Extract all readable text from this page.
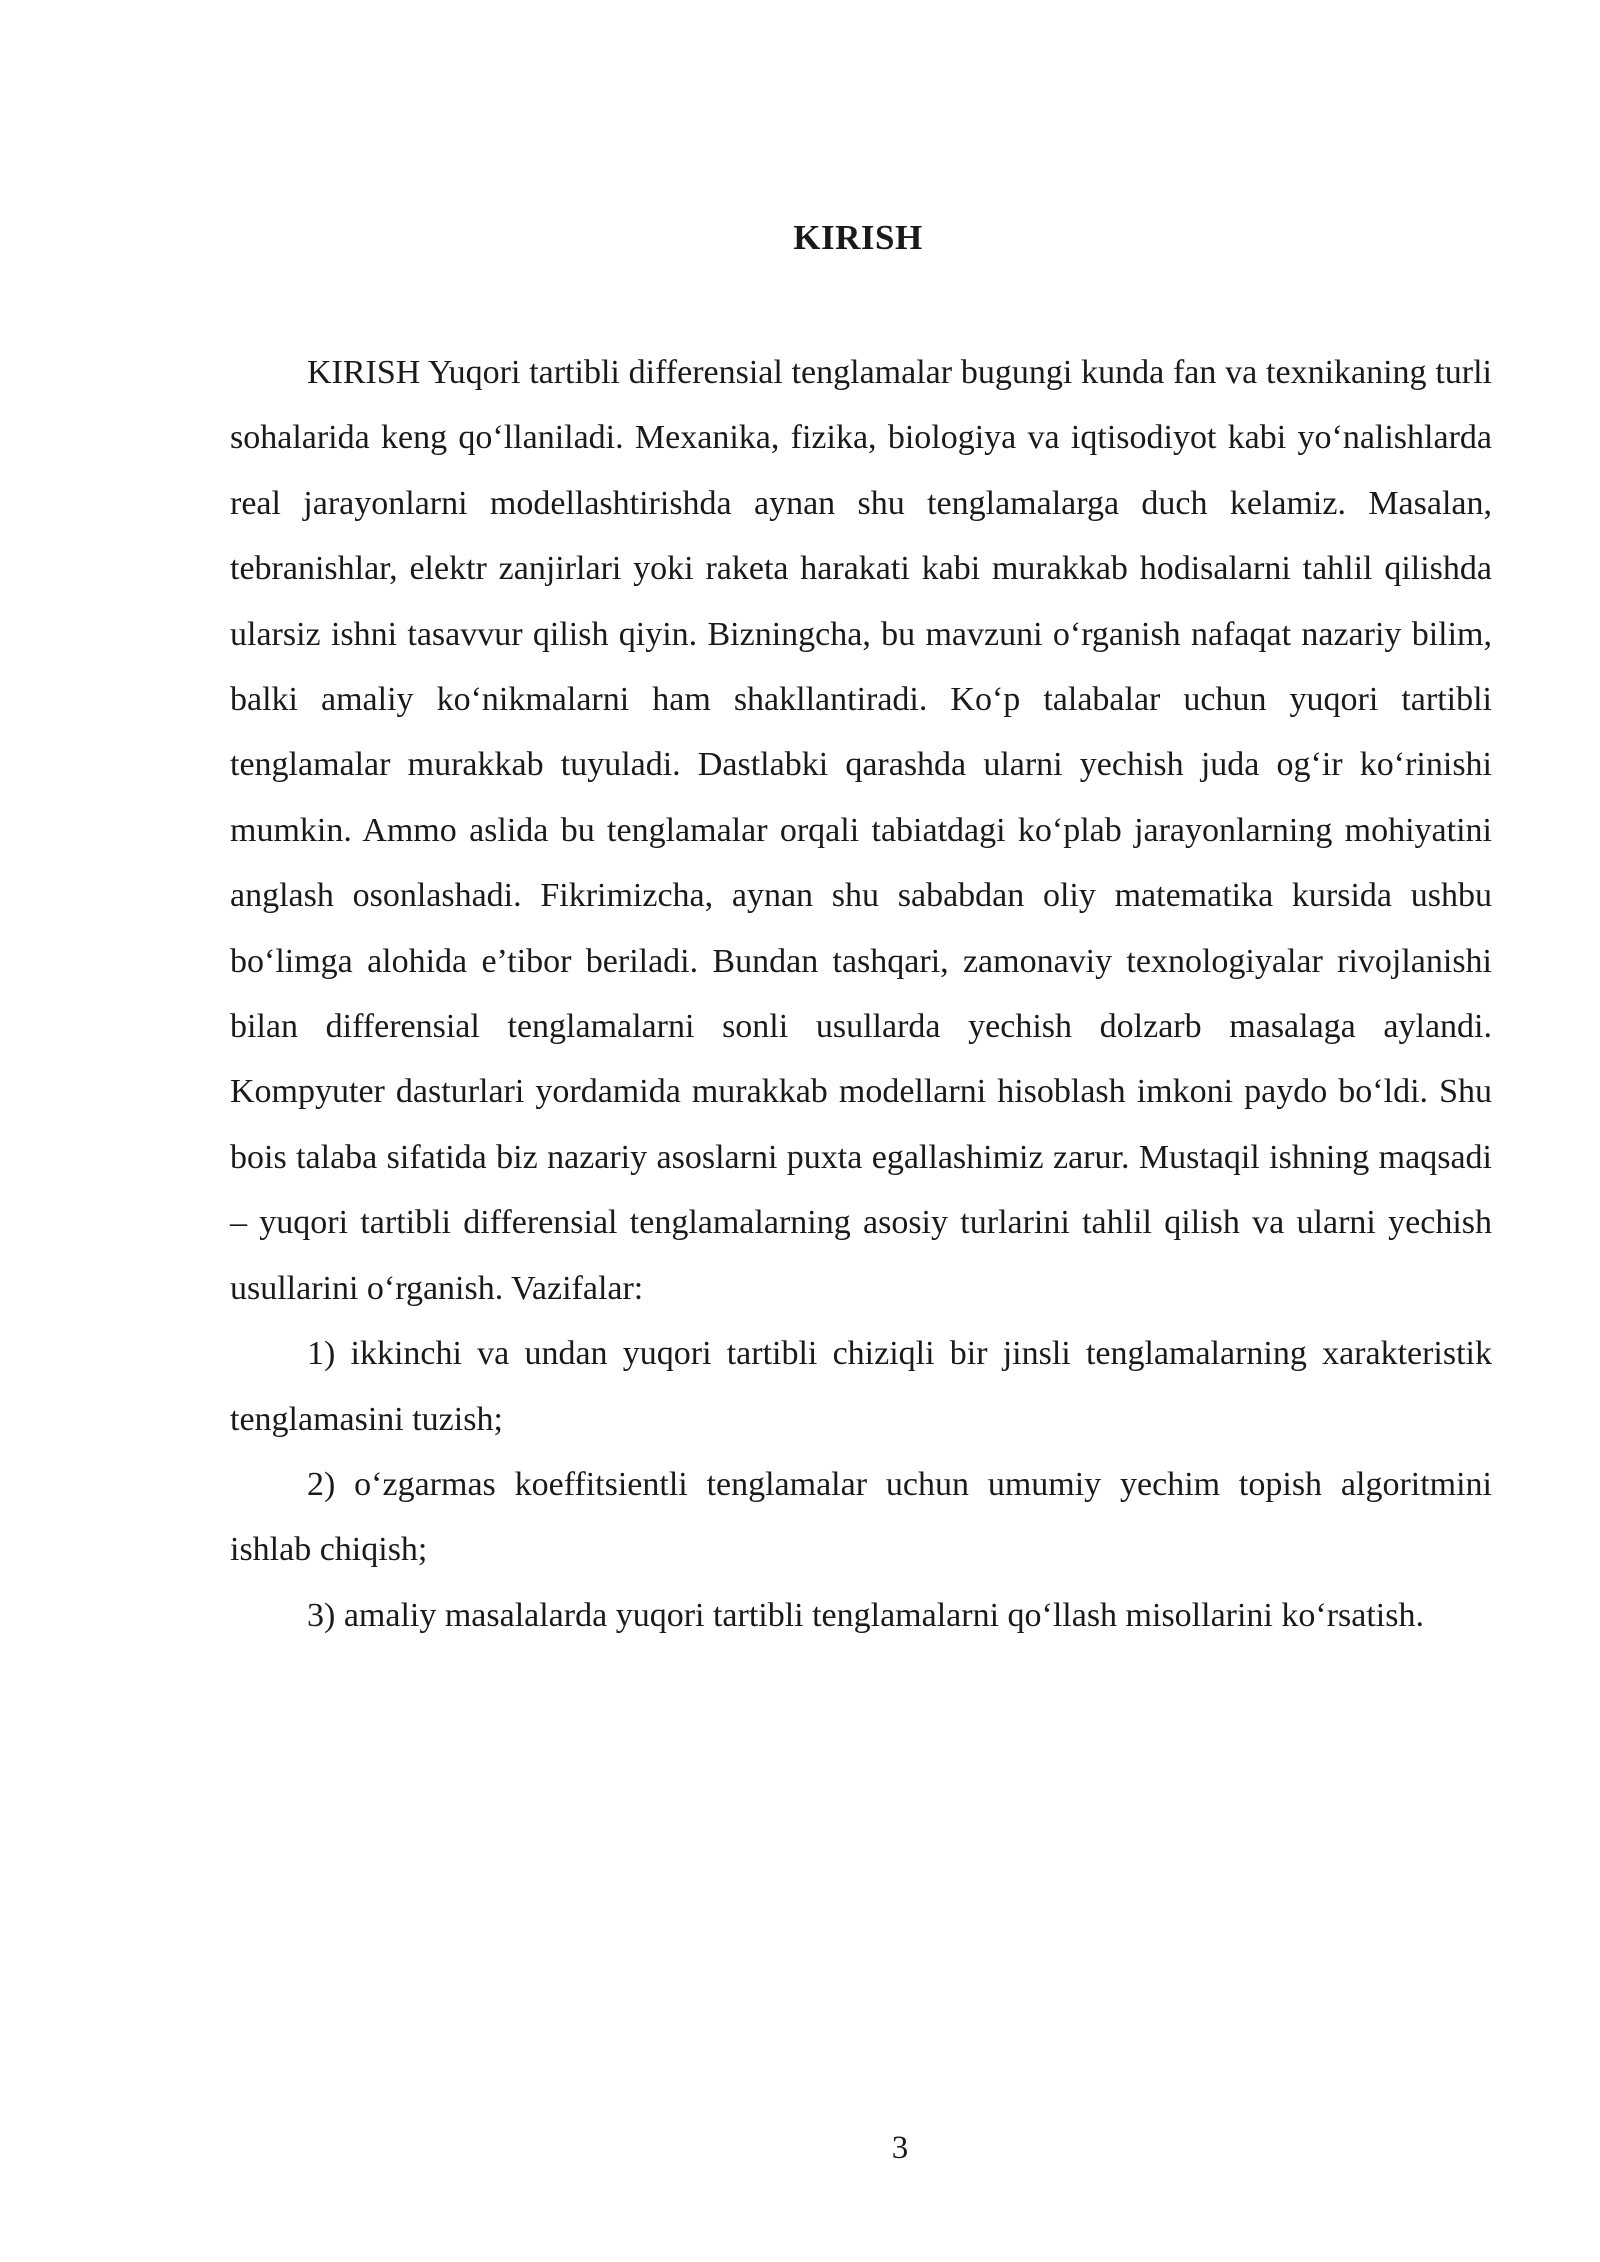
KIRISH

KIRISH Yuqori tartibli differensial tenglamalar bugungi kunda fan va texnikaning turli sohalarida keng qo‘llaniladi. Mexanika, fizika, biologiya va iqtisodiyot kabi yo‘nalishlarda real jarayonlarni modellashtirishda aynan shu tenglamalarga duch kelamiz. Masalan, tebranishlar, elektr zanjirlari yoki raketa harakati kabi murakkab hodisalarni tahlil qilishda ularsiz ishni tasavvur qilish qiyin. Bizningcha, bu mavzuni o‘rganish nafaqat nazariy bilim, balki amaliy ko‘nikmalarni ham shakllantiradi. Ko‘p talabalar uchun yuqori tartibli tenglamalar murakkab tuyuladi. Dastlabki qarashda ularni yechish juda og‘ir ko‘rinishi mumkin. Ammo aslida bu tenglamalar orqali tabiatdagi ko‘plab jarayonlarning mohiyatini anglash osonlashadi. Fikrimizcha, aynan shu sababdan oliy matematika kursida ushbu bo‘limga alohida e’tibor beriladi. Bundan tashqari, zamonaviy texnologiyalar rivojlanishi bilan differensial tenglamalarni sonli usullarda yechish dolzarb masalaga aylandi. Kompyuter dasturlari yordamida murakkab modellarni hisoblash imkoni paydo bo‘ldi. Shu bois talaba sifatida biz nazariy asoslarni puxta egallashimiz zarur. Mustaqil ishning maqsadi – yuqori tartibli differensial tenglamalarning asosiy turlarini tahlil qilish va ularni yechish usullarini o‘rganish. Vazifalar:

1) ikkinchi va undan yuqori tartibli chiziqli bir jinsli tenglamalarning xarakteristik tenglamasini tuzish;

2) o‘zgarmas koeffitsientli tenglamalar uchun umumiy yechim topish algoritmini ishlab chiqish;

3) amaliy masalalarda yuqori tartibli tenglamalarni qo‘llash misollarini ko‘rsatish.

3
